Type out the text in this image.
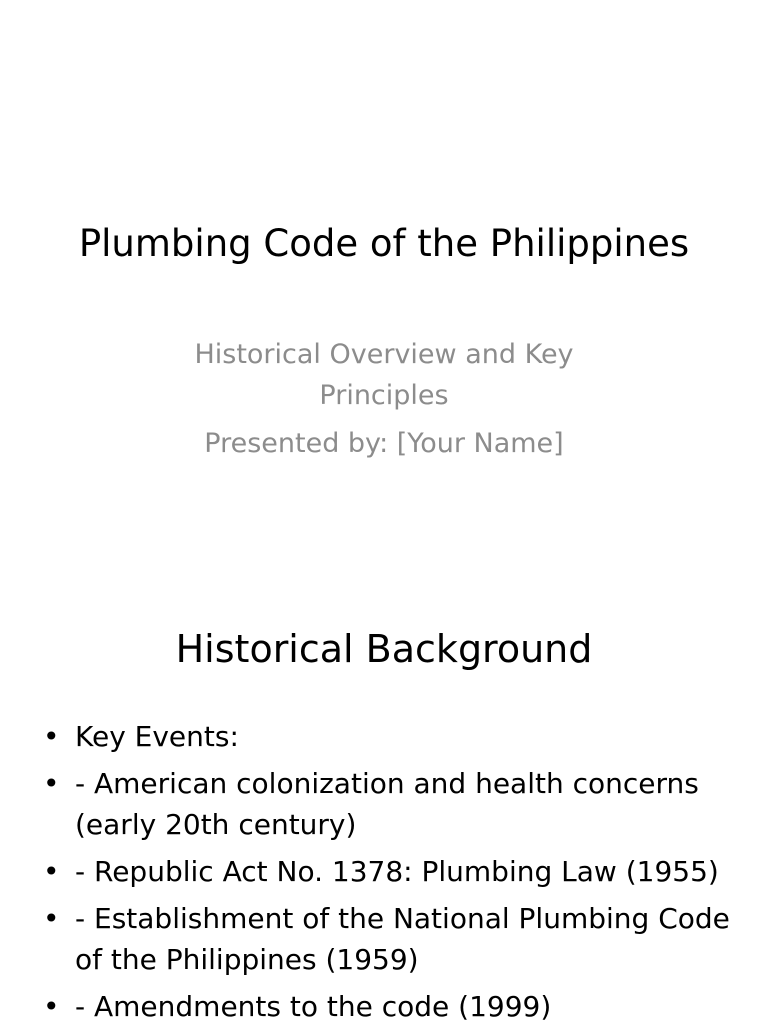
Plumbing Code of the Philippines
Historical Overview and Key
Principles
Presented by: [Your Name]
Historical Background
• Key Events:
• - American colonization and health concerns (early 20th century)
• - Republic Act No. 1378: Plumbing Law (1955)
• - Establishment of the National Plumbing Code of the Philippines (1959)
• - Amendments to the code (1999)
